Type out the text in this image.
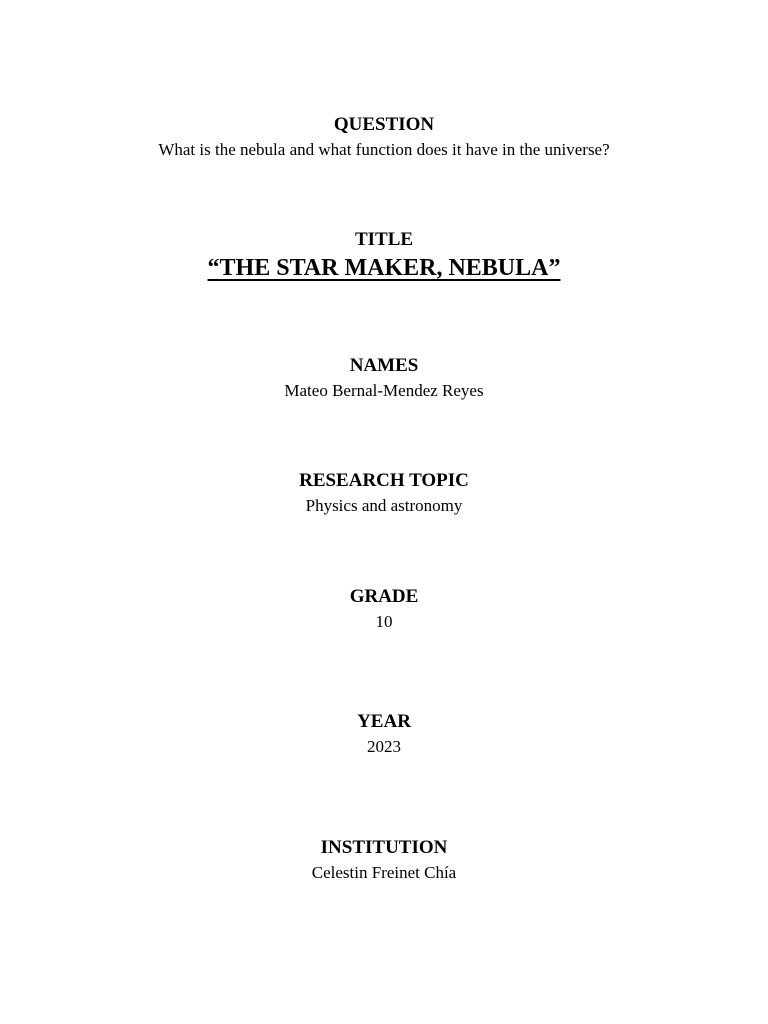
QUESTION
What is the nebula and what function does it have in the universe?
TITLE
“THE STAR MAKER, NEBULA”
NAMES
Mateo Bernal-Mendez Reyes
RESEARCH TOPIC
Physics and astronomy
GRADE
10
YEAR
2023
INSTITUTION
Celestin Freinet Chía
